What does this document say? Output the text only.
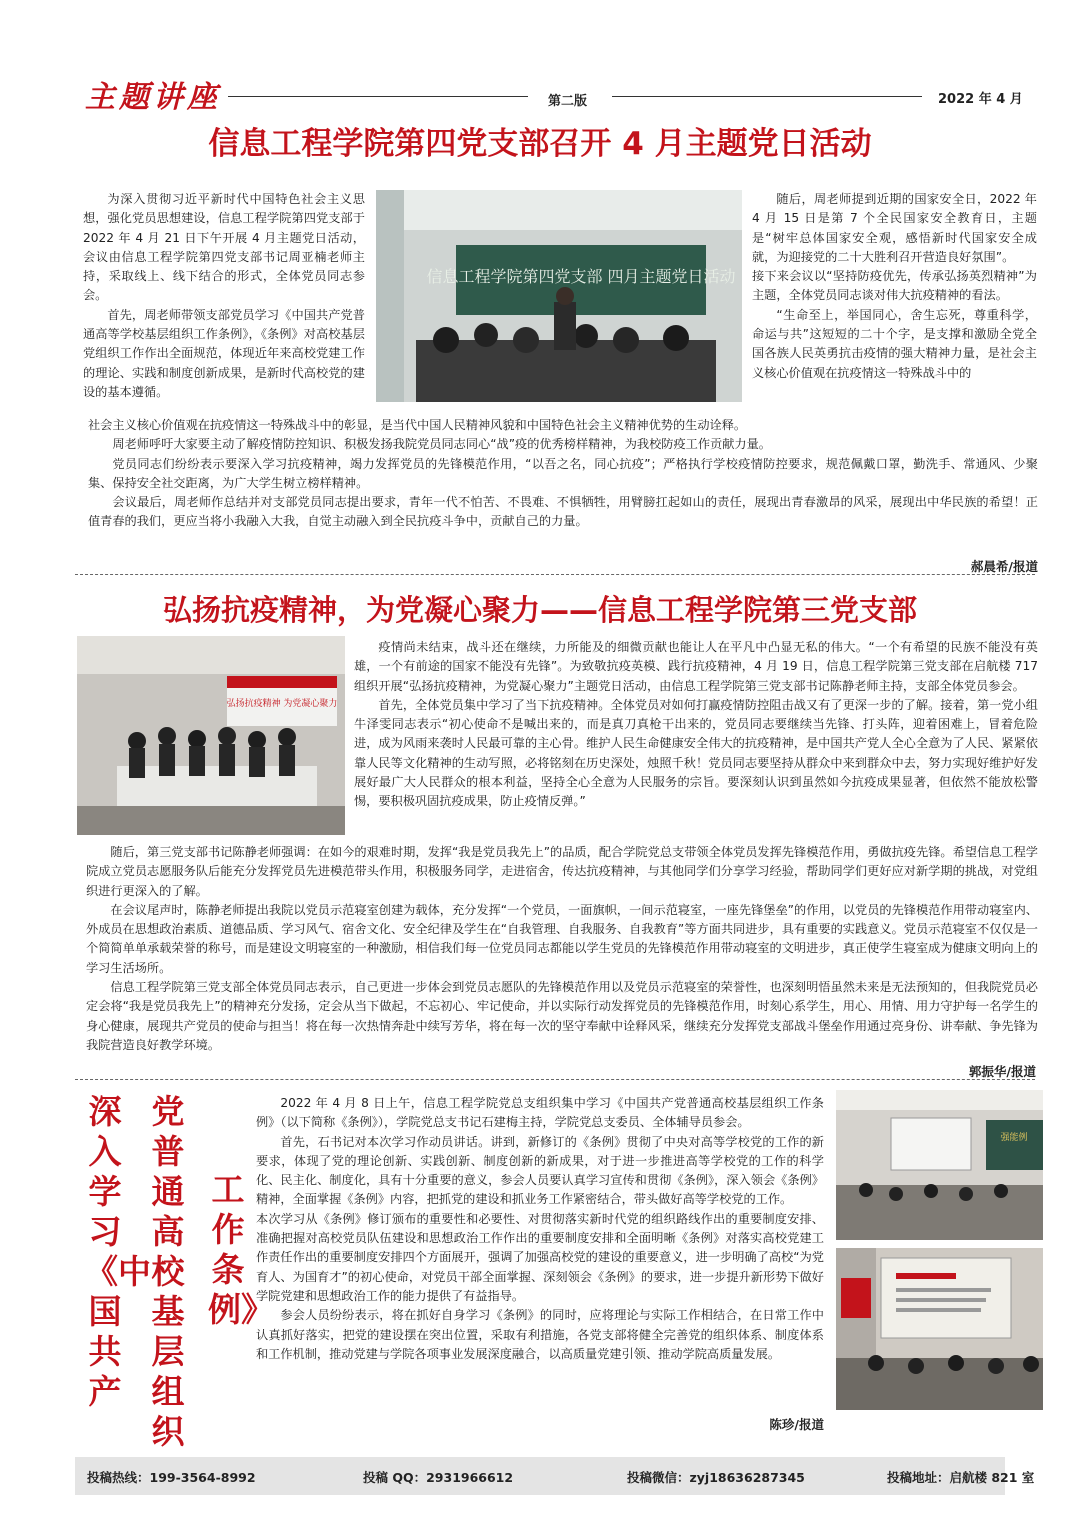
主题讲座	第二版	2022 年 4 月
信息工程学院第四党支部召开 4 月主题党日活动

为深入贯彻习近平新时代中国特色社会主义思想，强化党员思想建设，信息工程学院第四党支部于 2022 年 4 月 21 日下午开展 4 月主题党日活动，会议由信息工程学院第四党支部书记周亚楠老师主持，采取线上、线下结合的形式，全体党员同志参会。

首先，周老师带领支部党员学习《中国共产党普通高等学校基层组织工作条例》，《条例》对高校基层党组织工作作出全面规范，体现近年来高校党建工作的理论、实践和制度创新成果，是新时代高校党的建设的基本遵循。

信息工程学院第四党支部 四月主题党日活动

随后，周老师提到近期的国家安全日，2022 年 4 月 15 日是第 7 个全民国家安全教育日，主题是“树牢总体国家安全观，感悟新时代国家安全成就，为迎接党的二十大胜利召开营造良好氛围”。

接下来会议以“坚持防疫优先，传承弘扬英烈精神”为主题，全体党员同志谈对伟大抗疫精神的看法。

“生命至上，举国同心，舍生忘死，尊重科学，命运与共”这短短的二十个字，是支撑和激励全党全国各族人民英勇抗击疫情的强大精神力量，是社会主义核心价值观在抗疫情这一特殊战斗中的

社会主义核心价值观在抗疫情这一特殊战斗中的彰显，是当代中国人民精神风貌和中国特色社会主义精神优势的生动诠释。

周老师呼吁大家要主动了解疫情防控知识、积极发扬我院党员同志同心“战”疫的优秀榜样精神，为我校防疫工作贡献力量。

党员同志们纷纷表示要深入学习抗疫精神，竭力发挥党员的先锋模范作用，“以吾之名，同心抗疫”；严格执行学校疫情防控要求，规范佩戴口罩，勤洗手、常通风、少聚集、保持安全社交距离，为广大学生树立榜样精神。

会议最后，周老师作总结并对支部党员同志提出要求，青年一代不怕苦、不畏难、不惧牺牲，用臂膀扛起如山的责任，展现出青春激昂的风采，展现出中华民族的希望！正值青春的我们，更应当将小我融入大我，自觉主动融入到全民抗疫斗争中，贡献自己的力量。

郝晨希/报道
弘扬抗疫精神，为党凝心聚力——信息工程学院第三党支部
弘扬抗疫精神 为党凝心聚力

疫情尚未结束，战斗还在继续，力所能及的细微贡献也能让人在平凡中凸显无私的伟大。“一个有希望的民族不能没有英雄，一个有前途的国家不能没有先锋”。为致敬抗疫英模、践行抗疫精神，4 月 19 日，信息工程学院第三党支部在启航楼 717 组织开展“弘扬抗疫精神，为党凝心聚力”主题党日活动，由信息工程学院第三党支部书记陈静老师主持，支部全体党员参会。

首先，全体党员集中学习了当下抗疫精神。全体党员对如何打赢疫情防控阻击战又有了更深一步的了解。接着，第一党小组牛泽雯同志表示“初心使命不是喊出来的，而是真刀真枪干出来的，党员同志要继续当先锋、打头阵，迎着困难上，冒着危险进，成为风雨来袭时人民最可靠的主心骨。维护人民生命健康安全伟大的抗疫精神，是中国共产党人全心全意为了人民、紧紧依靠人民等文化精神的生动写照，必将铭刻在历史深处，烛照千秋！党员同志要坚持从群众中来到群众中去，努力实现好维护好发展好最广大人民群众的根本利益，坚持全心全意为人民服务的宗旨。要深刻认识到虽然如今抗疫成果显著，但依然不能放松警惕，要积极巩固抗疫成果，防止疫情反弹。”

随后，第三党支部书记陈静老师强调：在如今的艰难时期，发挥“我是党员我先上”的品质，配合学院党总支带领全体党员发挥先锋模范作用，勇做抗疫先锋。希望信息工程学院成立党员志愿服务队后能充分发挥党员先进模范带头作用，积极服务同学，走进宿舍，传达抗疫精神，与其他同学们分享学习经验，帮助同学们更好应对新学期的挑战，对党组织进行更深入的了解。

在会议尾声时，陈静老师提出我院以党员示范寝室创建为载体，充分发挥“一个党员，一面旗帜，一间示范寝室，一座先锋堡垒”的作用，以党员的先锋模范作用带动寝室内、外成员在思想政治素质、道德品质、学习风气、宿舍文化、安全纪律及学生在“自我管理、自我服务、自我教育”等方面共同进步，具有重要的实践意义。党员示范寝室不仅仅是一个简简单单承载荣誉的称号，而是建设文明寝室的一种激励，相信我们每一位党员同志都能以学生党员的先锋模范作用带动寝室的文明进步，真正使学生寝室成为健康文明向上的学习生活场所。

信息工程学院第三党支部全体党员同志表示，自己更进一步体会到党员志愿队的先锋模范作用以及党员示范寝室的荣誉性，也深刻明悟虽然未来是无法预知的，但我院党员必定会将“我是党员我先上”的精神充分发扬，定会从当下做起，不忘初心、牢记使命，并以实际行动发挥党员的先锋模范作用，时刻心系学生，用心、用情、用力守护每一名学生的身心健康，展现共产党员的使命与担当！将在每一次热情奔赴中续写芳华，将在每一次的坚守奉献中诠释风采，继续充分发挥党支部战斗堡垒作用通过亮身份、讲奉献、争先锋为我院营造良好教学环境。

郭振华/报道
深入学习《中国共产
党普通高校基层组织
工作条例》

2022 年 4 月 8 日上午，信息工程学院党总支组织集中学习《中国共产党普通高校基层组织工作条例》（以下简称《条例》），学院党总支书记石建梅主持，学院党总支委员、全体辅导员参会。

首先，石书记对本次学习作动员讲话。讲到，新修订的《条例》贯彻了中央对高等学校党的工作的新要求，体现了党的理论创新、实践创新、制度创新的新成果，对于进一步推进高等学校党的工作的科学化、民主化、制度化，具有十分重要的意义，参会人员要认真学习宣传和贯彻《条例》，深入领会《条例》精神，全面掌握《条例》内容，把抓党的建设和抓业务工作紧密结合，带头做好高等学校党的工作。

本次学习从《条例》修订颁布的重要性和必要性、对贯彻落实新时代党的组织路线作出的重要制度安排、准确把握对高校党员队伍建设和思想政治工作作出的重要制度安排和全面明晰《条例》对落实高校党建工作责任作出的重要制度安排四个方面展开，强调了加强高校党的建设的重要意义，进一步明确了高校“为党育人、为国育才”的初心使命，对党员干部全面掌握、深刻领会《条例》的要求，进一步提升新形势下做好学院党建和思想政治工作的能力提供了有益指导。

参会人员纷纷表示，将在抓好自身学习《条例》的同时，应将理论与实际工作相结合，在日常工作中认真抓好落实，把党的建设摆在突出位置，采取有利措施，各党支部将健全完善党的组织体系、制度体系和工作机制，推动党建与学院各项事业发展深度融合，以高质量党建引领、推动学院高质量发展。

陈珍/报道
强能例
投稿热线：199-3564-8992	投稿 QQ：2931966612	投稿微信：zyj18636287345	投稿地址：启航楼 821 室
